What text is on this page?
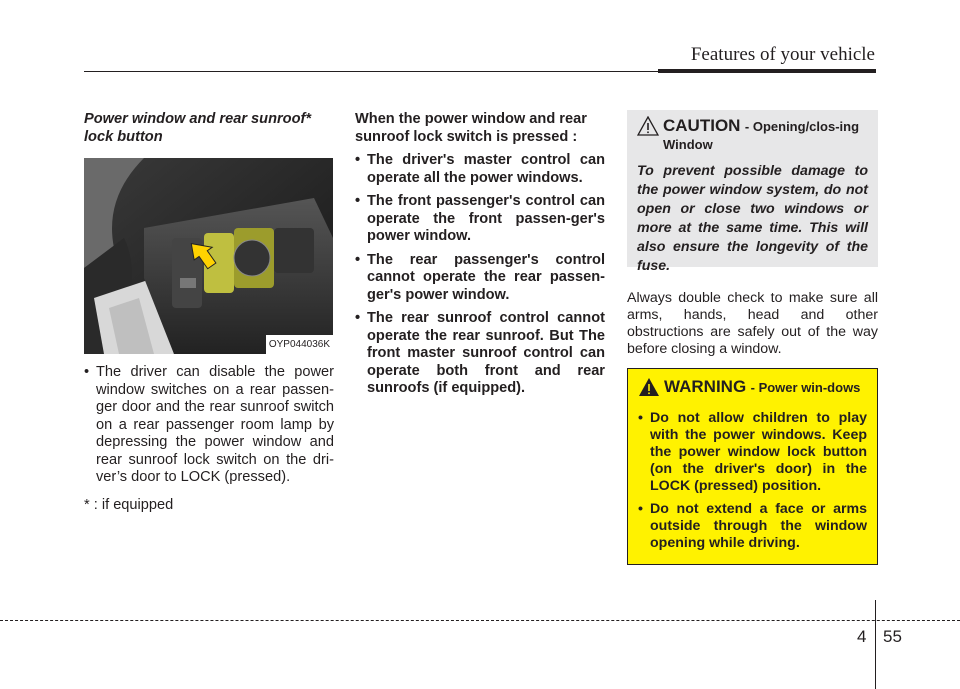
Features of your vehicle
Power window and rear sunroof* lock button
OYP044036K
• The driver can disable the power window switches on a rear passen-ger door and the rear sunroof switch on a rear passenger room lamp by depressing the power window and rear sunroof lock switch on the dri-ver’s door to LOCK (pressed).
* : if equipped
When the power window and rear sunroof lock switch is pressed :
• The driver's master control can operate all the power windows.
• The front passenger's control can operate the front passen-ger's power window.
• The rear passenger's control cannot operate the rear passen-ger's power window.
• The rear sunroof control cannot operate the rear sunroof. But The front master sunroof control can operate both front and rear sunroofs (if equipped).
CAUTION - Opening/clos-ing Window
To prevent possible damage to the power window system, do not open or close two windows or more at the same time. This will also ensure the longevity of the fuse.
Always double check to make sure all arms, hands, head and other obstructions are safely out of the way before closing a window.
WARNING - Power win-dows
• Do not allow children to play with the power windows. Keep the power window lock button (on the driver's door) in the LOCK (pressed) position.
• Do not extend a face or arms outside through the window opening while driving.
4 55
